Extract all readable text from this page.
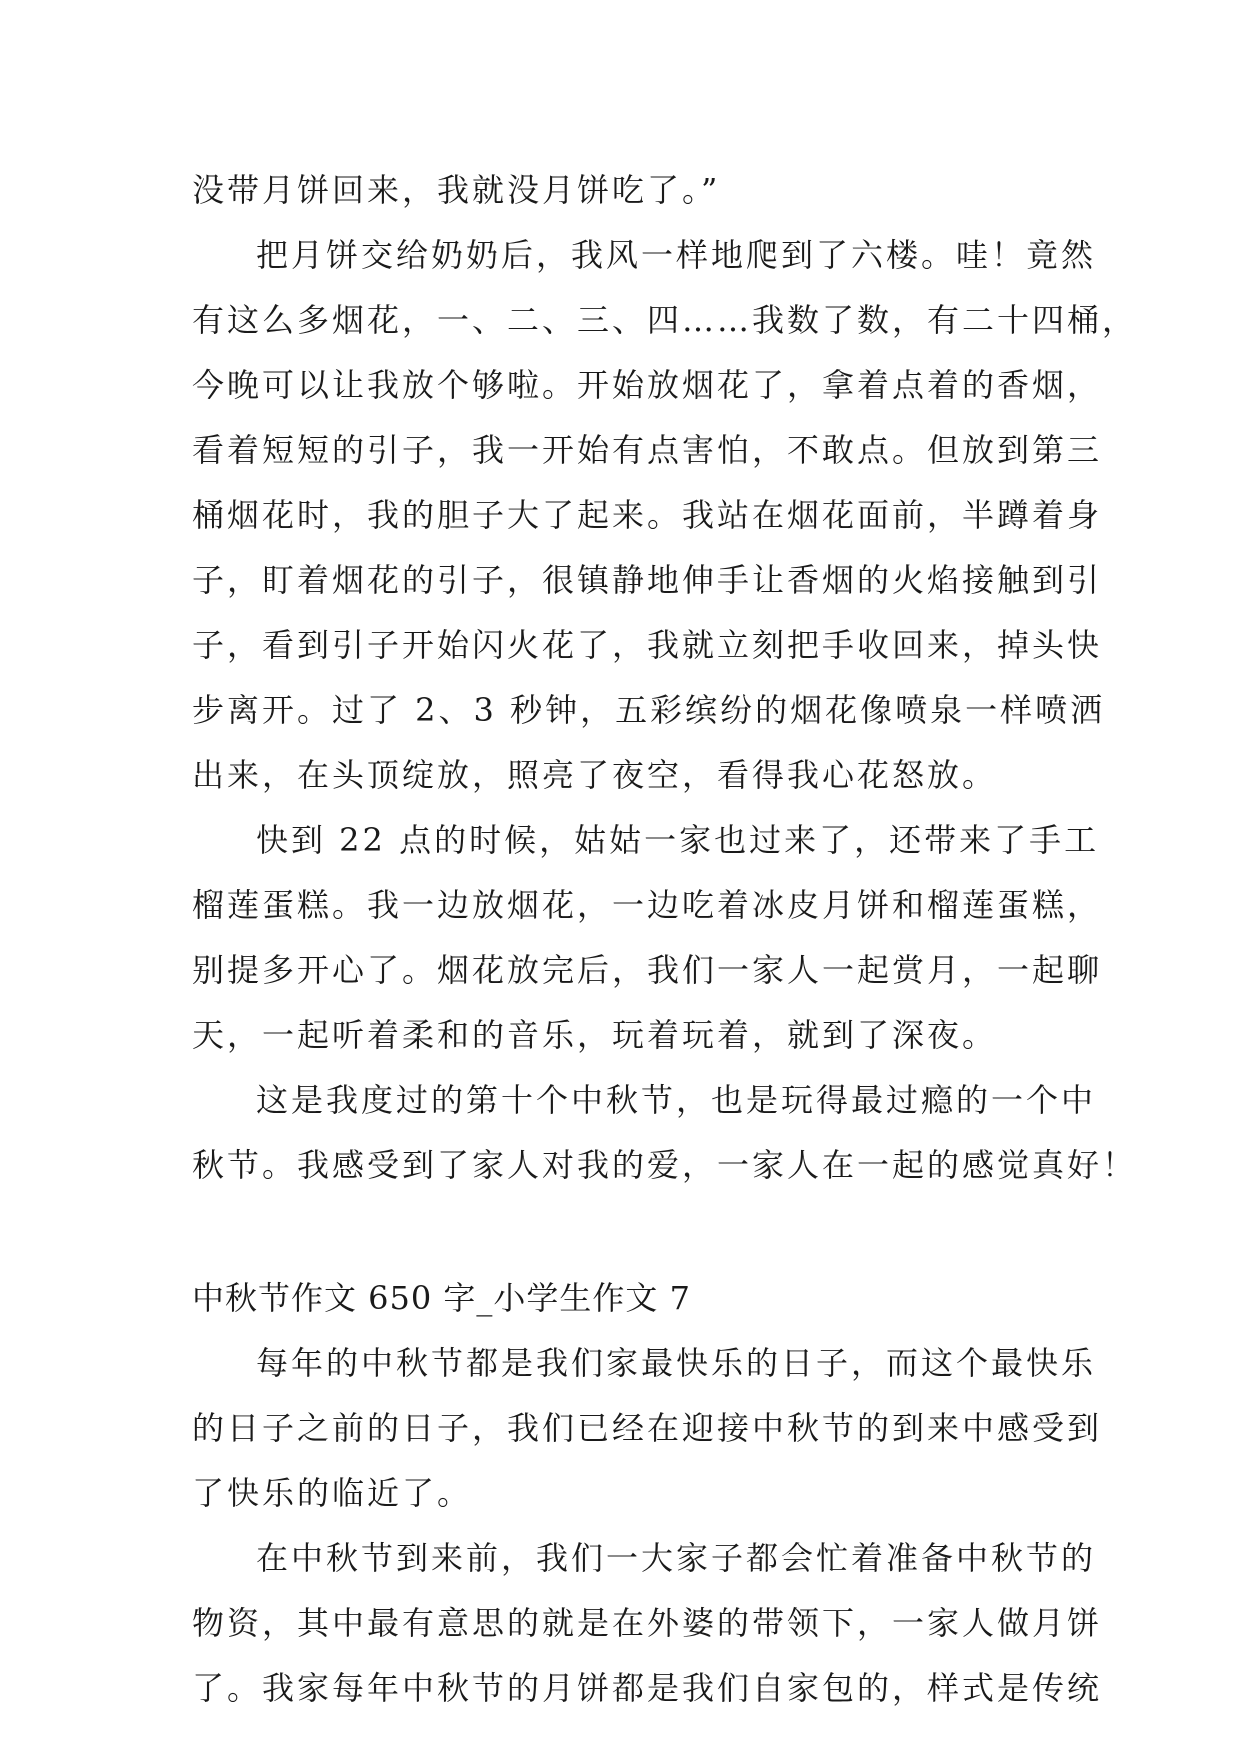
没带月饼回来，我就没月饼吃了。”
把月饼交给奶奶后，我风一样地爬到了六楼。哇！竟然
有这么多烟花，一、二、三、四……我数了数，有二十四桶，
今晚可以让我放个够啦。开始放烟花了，拿着点着的香烟，
看着短短的引子，我一开始有点害怕，不敢点。但放到第三
桶烟花时，我的胆子大了起来。我站在烟花面前，半蹲着身
子，盯着烟花的引子，很镇静地伸手让香烟的火焰接触到引
子，看到引子开始闪火花了，我就立刻把手收回来，掉头快
步离开。过了 2、3 秒钟，五彩缤纷的烟花像喷泉一样喷洒
出来，在头顶绽放，照亮了夜空，看得我心花怒放。
快到 22 点的时候，姑姑一家也过来了，还带来了手工
榴莲蛋糕。我一边放烟花，一边吃着冰皮月饼和榴莲蛋糕，
别提多开心了。烟花放完后，我们一家人一起赏月，一起聊
天，一起听着柔和的音乐，玩着玩着，就到了深夜。
这是我度过的第十个中秋节，也是玩得最过瘾的一个中
秋节。我感受到了家人对我的爱，一家人在一起的感觉真好！
中秋节作文 650 字_小学生作文 7
每年的中秋节都是我们家最快乐的日子，而这个最快乐
的日子之前的日子，我们已经在迎接中秋节的到来中感受到
了快乐的临近了。
在中秋节到来前，我们一大家子都会忙着准备中秋节的
物资，其中最有意思的就是在外婆的带领下，一家人做月饼
了。我家每年中秋节的月饼都是我们自家包的，样式是传统
